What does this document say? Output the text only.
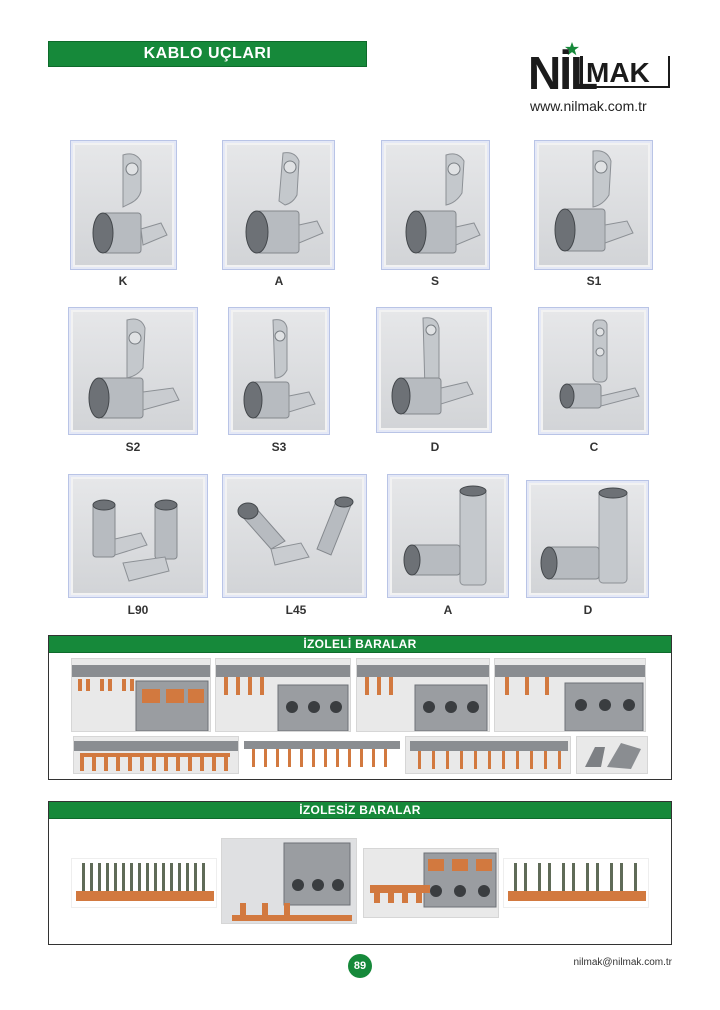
KABLO UÇLARI	NİL
MAK
www.nilmak.com.tr
K	A	S	S1
S2	S3	D	C
L90	L45	A	D
İZOLELİ BARALAR
İZOLESİZ BARALAR
89	nilmak@nilmak.com.tr
